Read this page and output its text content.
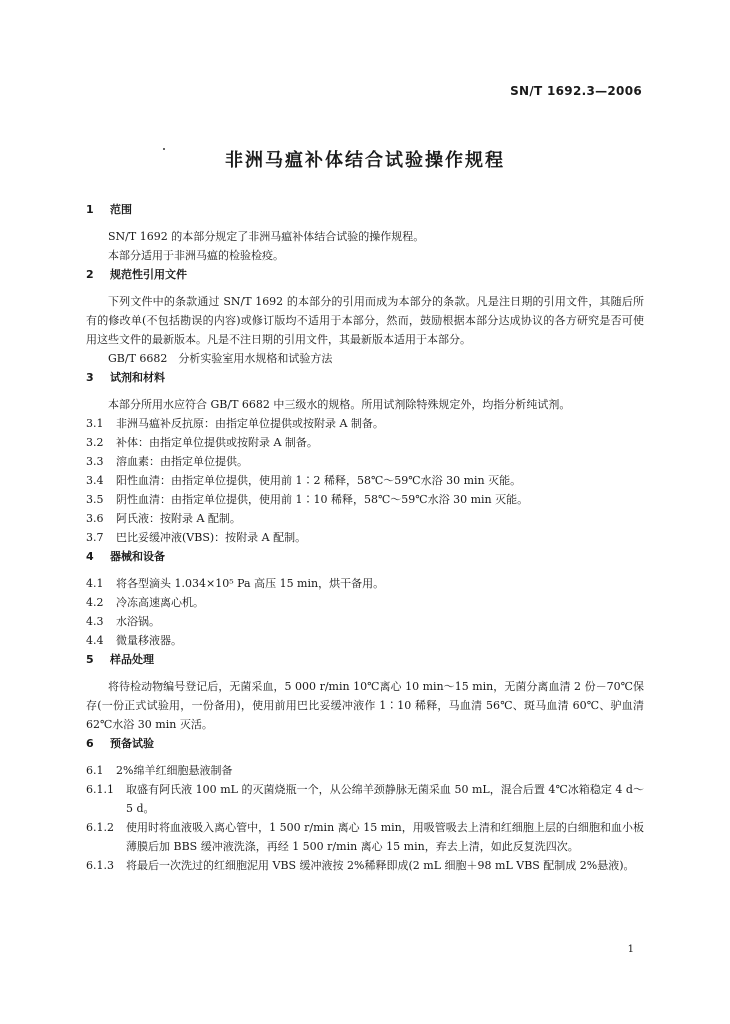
SN/T 1692.3—2006
非洲马瘟补体结合试验操作规程
1 范围

SN/T 1692 的本部分规定了非洲马瘟补体结合试验的操作规程。

本部分适用于非洲马瘟的检验检疫。

2 规范性引用文件

下列文件中的条款通过 SN/T 1692 的本部分的引用而成为本部分的条款。凡是注日期的引用文件，其随后所有的修改单(不包括勘误的内容)或修订版均不适用于本部分，然而，鼓励根据本部分达成协议的各方研究是否可使用这些文件的最新版本。凡是不注日期的引用文件，其最新版本适用于本部分。

GB/T 6682　分析实验室用水规格和试验方法

3 试剂和材料

本部分所用水应符合 GB/T 6682 中三级水的规格。所用试剂除特殊规定外，均指分析纯试剂。

3.1	非洲马瘟补反抗原：由指定单位提供或按附录 A 制备。
3.2	补体：由指定单位提供或按附录 A 制备。
3.3	溶血素：由指定单位提供。
3.4	阳性血清：由指定单位提供，使用前 1∶2 稀释，58℃～59℃水浴 30 min 灭能。
3.5	阴性血清：由指定单位提供，使用前 1∶10 稀释，58℃～59℃水浴 30 min 灭能。
3.6	阿氏液：按附录 A 配制。
3.7	巴比妥缓冲液(VBS)：按附录 A 配制。
4 器械和设备
4.1	将各型滴头 1.034×10⁵ Pa 高压 15 min，烘干备用。
4.2	冷冻高速离心机。
4.3	水浴锅。
4.4	微量移液器。
5 样品处理

将待检动物编号登记后，无菌采血，5 000 r/min 10℃离心 10 min～15 min，无菌分离血清 2 份－70℃保存(一份正式试验用，一份备用)，使用前用巴比妥缓冲液作 1∶10 稀释，马血清 56℃、斑马血清 60℃、驴血清 62℃水浴 30 min 灭活。

6 预备试验
6.1	2%绵羊红细胞悬液制备
6.1.1	取盛有阿氏液 100 mL 的灭菌烧瓶一个，从公绵羊颈静脉无菌采血 50 mL，混合后置 4℃冰箱稳定 4 d～5 d。
6.1.2	使用时将血液吸入离心管中，1 500 r/min 离心 15 min，用吸管吸去上清和红细胞上层的白细胞和血小板薄膜后加 BBS 缓冲液洗涤，再经 1 500 r/min 离心 15 min，弃去上清，如此反复洗四次。
6.1.3	将最后一次洗过的红细胞泥用 VBS 缓冲液按 2%稀释即成(2 mL 细胞＋98 mL VBS 配制成 2%悬液)。
1
